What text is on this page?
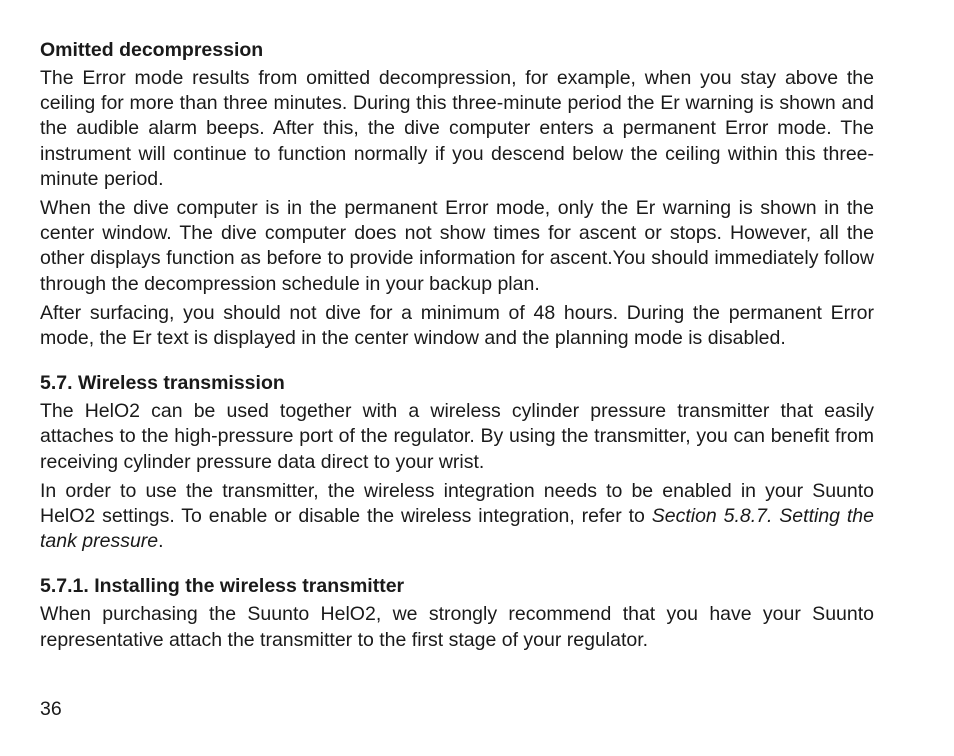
Omitted decompression

The Error mode results from omitted decompression, for example, when you stay above the ceiling for more than three minutes. During this three-minute period the Er warning is shown and the audible alarm beeps. After this, the dive computer enters a permanent Error mode. The instrument will continue to function normally if you descend below the ceiling within this three-minute period.

When the dive computer is in the permanent Error mode, only the Er warning is shown in the center window. The dive computer does not show times for ascent or stops. However, all the other displays function as before to provide information for ascent.You should immediately follow through the decompression schedule in your backup plan.

After surfacing, you should not dive for a minimum of 48 hours. During the permanent Error mode, the Er text is displayed in the center window and the planning mode is disabled.

5.7. Wireless transmission

The HelO2 can be used together with a wireless cylinder pressure transmitter that easily attaches to the high-pressure port of the regulator. By using the transmitter, you can benefit from receiving cylinder pressure data direct to your wrist.

In order to use the transmitter, the wireless integration needs to be enabled in your Suunto HelO2 settings. To enable or disable the wireless integration, refer to Section 5.8.7. Setting the tank pressure.

5.7.1. Installing the wireless transmitter

When purchasing the Suunto HelO2, we strongly recommend that you have your Suunto representative attach the transmitter to the first stage of your regulator.

36
